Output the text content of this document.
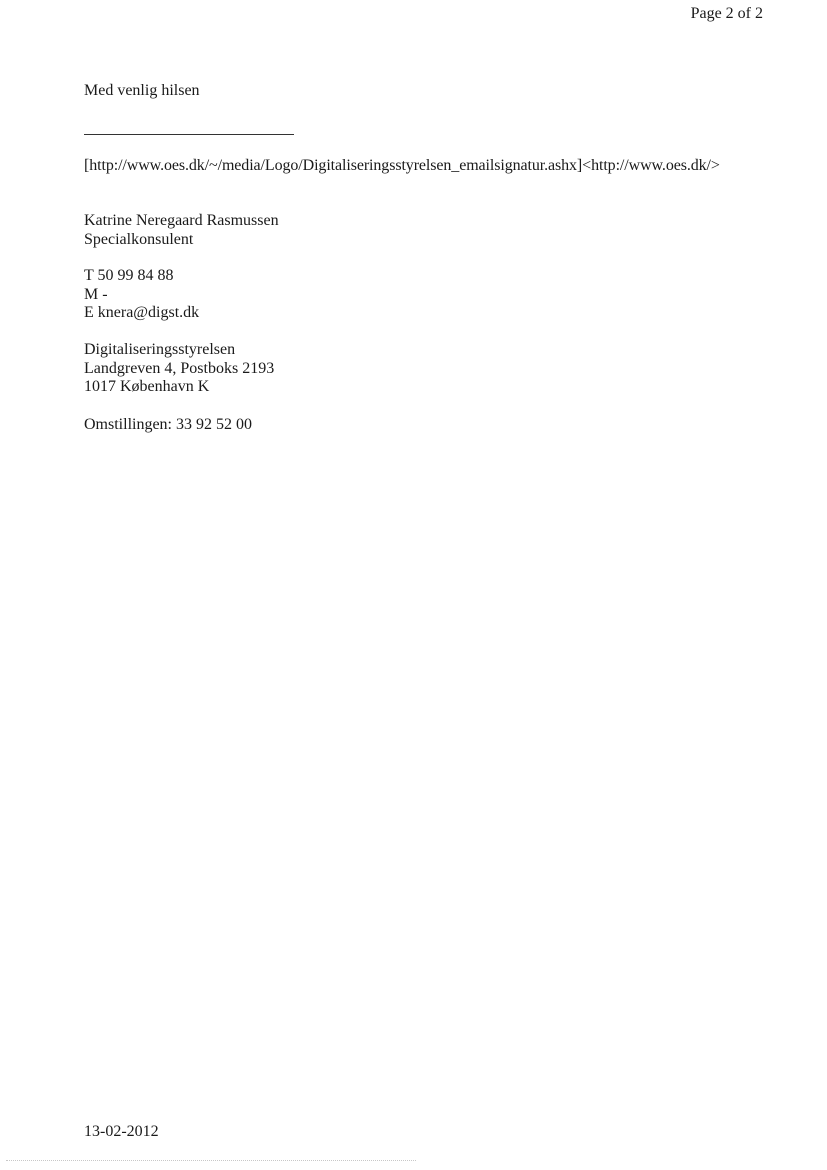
Page 2 of 2
Med venlig hilsen
[http://www.oes.dk/~/media/Logo/Digitaliseringsstyrelsen_emailsignatur.ashx]<http://www.oes.dk/>
Katrine Neregaard Rasmussen
Specialkonsulent
T 50 99 84 88
M -
E knera@digst.dk
Digitaliseringsstyrelsen
Landgreven 4, Postboks 2193
1017 København K
Omstillingen: 33 92 52 00
13-02-2012
